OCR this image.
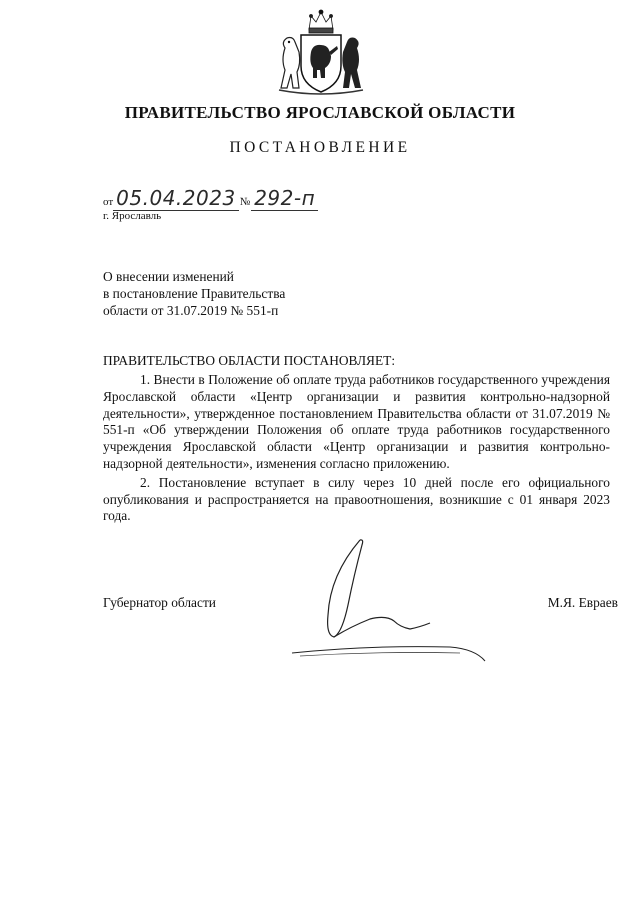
ПРАВИТЕЛЬСТВО ЯРОСЛАВСКОЙ ОБЛАСТИ
ПОСТАНОВЛЕНИЕ
от 05.04.2023 № 292-п
г. Ярославль
О внесении изменений
в постановление Правительства
области от 31.07.2019 № 551-п
ПРАВИТЕЛЬСТВО ОБЛАСТИ ПОСТАНОВЛЯЕТ:

1. Внести в Положение об оплате труда работников государственного учреждения Ярославской области «Центр организации и развития контрольно-надзорной деятельности», утвержденное постановлением Правительства области от 31.07.2019 № 551-п «Об утверждении Положения об оплате труда работников государственного учреждения Ярославской области «Центр организации и развития контрольно-надзорной деятельности», изменения согласно приложению.

2. Постановление вступает в силу через 10 дней после его официального опубликования и распространяется на правоотношения, возникшие с 01 января 2023 года.

Губернатор области	М.Я. Евраев
